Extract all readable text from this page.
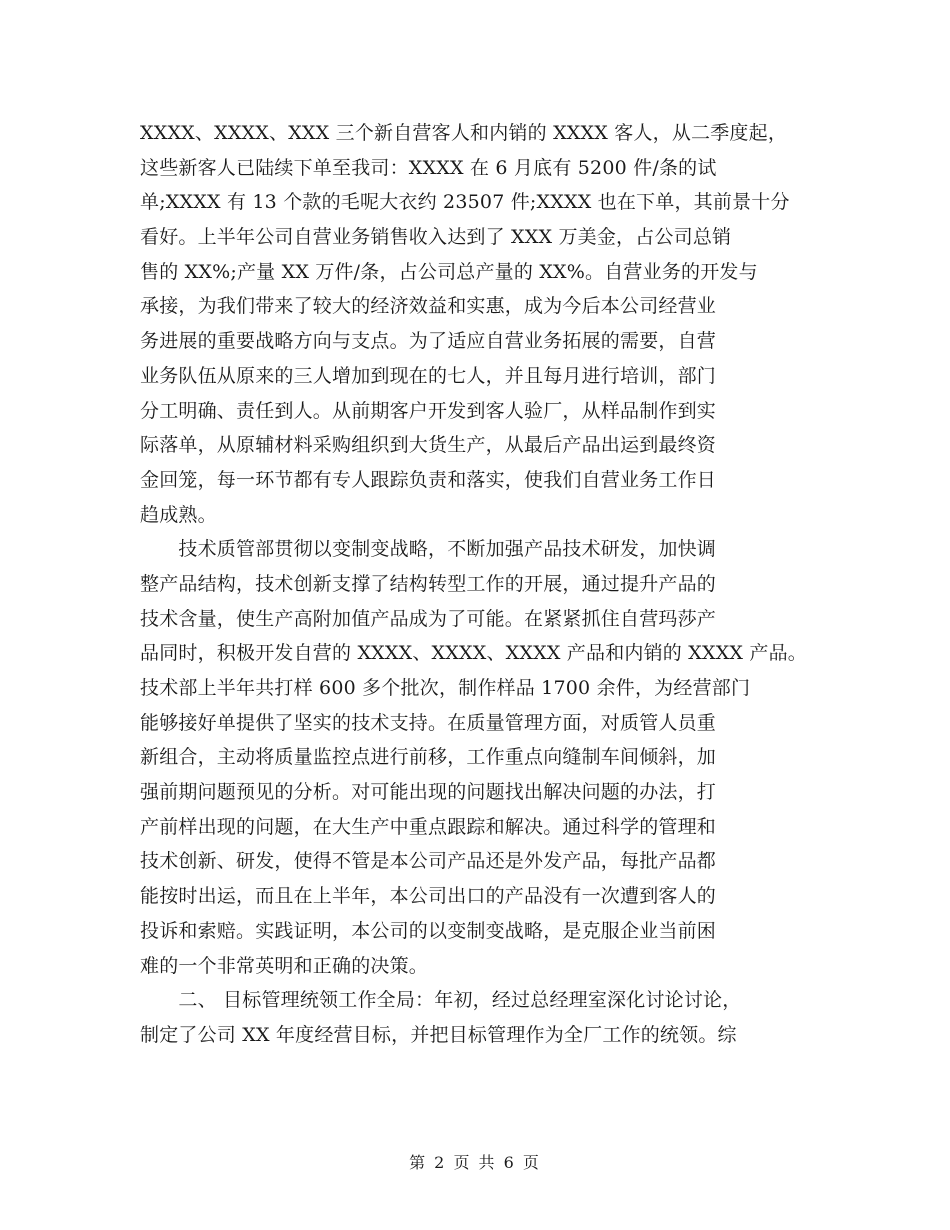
XXXX、XXXX、XXX 三个新自营客人和内销的 XXXX 客人，从二季度起，
这些新客人已陆续下单至我司：XXXX 在 6 月底有 5200 件/条的试
单;XXXX 有 13 个款的毛呢大衣约 23507 件;XXXX 也在下单，其前景十分
看好。上半年公司自营业务销售收入达到了 XXX 万美金，占公司总销
售的 XX%;产量 XX 万件/条，占公司总产量的 XX%。自营业务的开发与
承接，为我们带来了较大的经济效益和实惠，成为今后本公司经营业
务进展的重要战略方向与支点。为了适应自营业务拓展的需要，自营
业务队伍从原来的三人增加到现在的七人，并且每月进行培训，部门
分工明确、责任到人。从前期客户开发到客人验厂，从样品制作到实
际落单，从原辅材料采购组织到大货生产，从最后产品出运到最终资
金回笼，每一环节都有专人跟踪负责和落实，使我们自营业务工作日
趋成熟。
　　技术质管部贯彻以变制变战略，不断加强产品技术研发，加快调
整产品结构，技术创新支撑了结构转型工作的开展，通过提升产品的
技术含量，使生产高附加值产品成为了可能。在紧紧抓住自营玛莎产
品同时，积极开发自营的 XXXX、XXXX、XXXX 产品和内销的 XXXX 产品。
技术部上半年共打样 600 多个批次，制作样品 1700 余件，为经营部门
能够接好单提供了坚实的技术支持。在质量管理方面，对质管人员重
新组合，主动将质量监控点进行前移，工作重点向缝制车间倾斜，加
强前期问题预见的分析。对可能出现的问题找出解决问题的办法，打
产前样出现的问题，在大生产中重点跟踪和解决。通过科学的管理和
技术创新、研发，使得不管是本公司产品还是外发产品，每批产品都
能按时出运，而且在上半年，本公司出口的产品没有一次遭到客人的
投诉和索赔。实践证明，本公司的以变制变战略，是克服企业当前困
难的一个非常英明和正确的决策。
　　二、 目标管理统领工作全局：年初，经过总经理室深化讨论讨论，
制定了公司 XX 年度经营目标，并把目标管理作为全厂工作的统领。综
第 2 页 共 6 页
